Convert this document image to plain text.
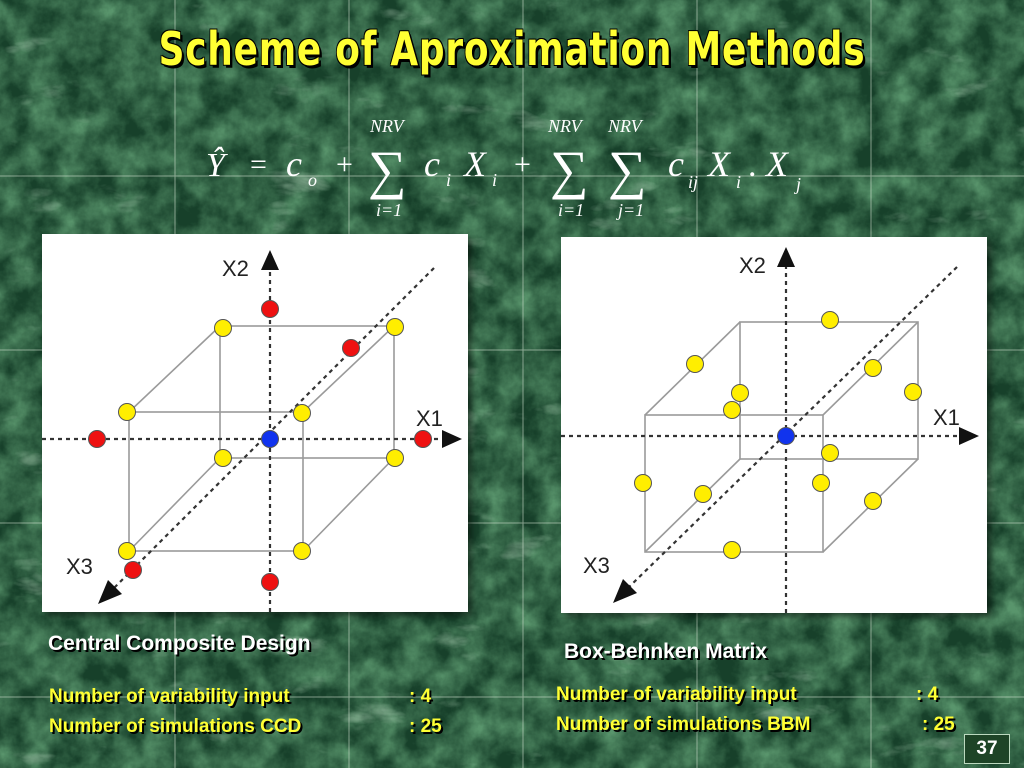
Scheme of Aproximation Methods
Ŷ = c o +
NRV
∑
i=1
c i X i +
NRV
∑
i=1
NRV
∑
j=1
c ij X i . X j
X1
X2
X3
X1
X2
X3
Central Composite Design	Box-Behnken Matrix
Number of variability input	: 4
Number of simulations CCD	: 25
Number of variability input	: 4
Number of simulations BBM	: 25
37
